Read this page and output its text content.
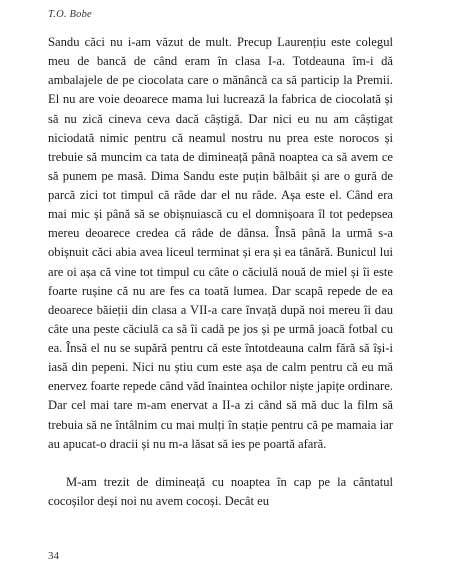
T.O. Bobe

Sandu căci nu i-am văzut de mult. Precup Laurențiu este colegul meu de bancă de când eram în clasa I-a. Totdeauna îm-i dă ambalajele de pe ciocolata care o mănâncă ca să particip la Premii. El nu are voie deoarece mama lui lucrează la fabrica de ciocolată și să nu zică cineva ceva dacă câștigă. Dar nici eu nu am câștigat niciodată nimic pentru că neamul nostru nu prea este norocos și trebuie să muncim ca tata de dimineață până noaptea ca să avem ce să punem pe masă. Dima Sandu este puțin bâlbâit și are o gură de parcă zici tot timpul că râde dar el nu râde. Așa este el. Când era mai mic și până să se obișnuiască cu el domnișoara îl tot pedepsea mereu deoarece credea că râde de dânsa. Însă până la urmă s-a obișnuit căci abia avea liceul terminat și era și ea tânără. Bunicul lui are oi așa că vine tot timpul cu câte o căciulă nouă de miel și îi este foarte rușine că nu are fes ca toată lumea. Dar scapă repede de ea deoarece băieții din clasa a VII-a care învață după noi mereu îi dau câte una peste căciulă ca să îi cadă pe jos și pe urmă joacă fotbal cu ea. Însă el nu se supără pentru că este întotdeauna calm fără să își-i iasă din pepeni. Nici nu știu cum este așa de calm pentru că eu mă enervez foarte repede când văd înaintea ochilor niște japițe ordinare. Dar cel mai tare m-am enervat a II-a zi când să mă duc la film să trebuia să ne întâlnim cu mai mulți în stație pentru că pe mamaia iar au apucat-o dracii și nu m-a lăsat să ies pe poartă afară.

M-am trezit de dimineață cu noaptea în cap pe la cântatul cocoșilor deși noi nu avem cocoși. Decât eu

34
